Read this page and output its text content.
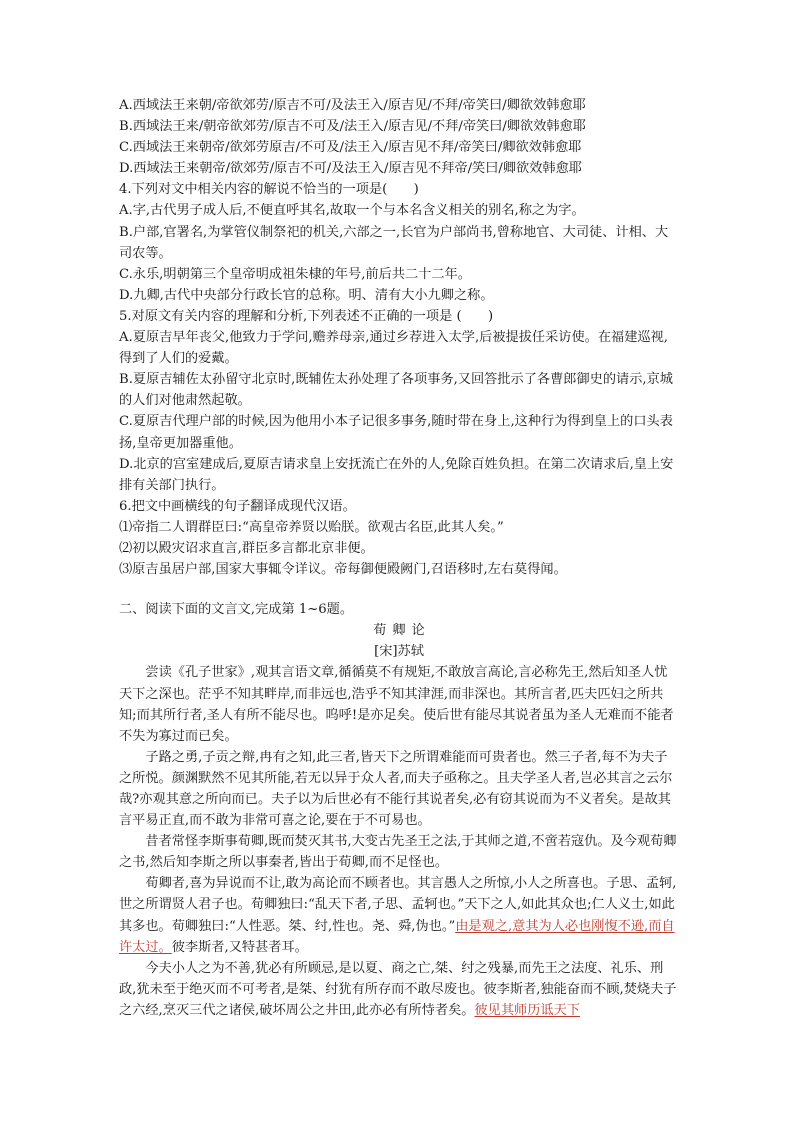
A.西域法王来朝/帝欲郊劳/原吉不可/及法王入/原吉见/不拜/帝笑曰/卿欲效韩愈耶
B.西域法王来/朝帝欲郊劳/原吉不可及/法王入/原吉见/不拜/帝笑曰/卿欲效韩愈耶
C.西域法王来朝帝/欲郊劳原吉/不可及/法王入/原吉见不拜/帝笑曰/卿欲效韩愈耶
D.西域法王来朝帝/欲郊劳/原吉不可/及法王入/原吉见不拜帝/笑曰/卿欲效韩愈耶
4.下列对文中相关内容的解说不恰当的一项是(　　)
A.字,古代男子成人后,不便直呼其名,故取一个与本名含义相关的别名,称之为字。
B.户部,官署名,为掌管仪制祭祀的机关,六部之一,长官为户部尚书,曾称地官、大司徒、计相、大司农等。
C.永乐,明朝第三个皇帝明成祖朱棣的年号,前后共二十二年。
D.九卿,古代中央部分行政长官的总称。明、清有大小九卿之称。
5.对原文有关内容的理解和分析,下列表述不正确的一项是 (　　)
A.夏原吉早年丧父,他致力于学问,赡养母亲,通过乡荐进入太学,后被提拔任采访使。在福建巡视,得到了人们的爱戴。
B.夏原吉辅佐太孙留守北京时,既辅佐太孙处理了各项事务,又回答批示了各曹郎御史的请示,京城的人们对他肃然起敬。
C.夏原吉代理户部的时候,因为他用小本子记很多事务,随时带在身上,这种行为得到皇上的口头表扬,皇帝更加器重他。
D.北京的宫室建成后,夏原吉请求皇上安抚流亡在外的人,免除百姓负担。在第二次请求后,皇上安排有关部门执行。
6.把文中画横线的句子翻译成现代汉语。
⑴帝指二人谓群臣曰:“高皇帝养贤以贻朕。欲观古名臣,此其人矣。”
⑵初以殿灾诏求直言,群臣多言都北京非便。
⑶原吉虽居户部,国家大事辄令详议。帝每御便殿阙门,召语移时,左右莫得闻。
二、阅读下面的文言文,完成第 1~6题。
荀卿论
[宋]苏轼
尝读《孔子世家》,观其言语文章,循循莫不有规矩,不敢放言高论,言必称先王,然后知圣人忧天下之深也。茫乎不知其畔岸,而非远也,浩乎不知其津涯,而非深也。其所言者,匹夫匹妇之所共知;而其所行者,圣人有所不能尽也。呜呼!是亦足矣。使后世有能尽其说者虽为圣人无难而不能者不失为寡过而已矣。
子路之勇,子贡之辩,冉有之知,此三者,皆天下之所谓难能而可贵者也。然三子者,每不为夫子之所悦。颜渊默然不见其所能,若无以异于众人者,而夫子亟称之。且夫学圣人者,岂必其言之云尔哉?亦观其意之所向而已。夫子以为后世必有不能行其说者矣,必有窃其说而为不义者矣。是故其言平易正直,而不敢为非常可喜之论,要在于不可易也。
昔者常怪李斯事荀卿,既而焚灭其书,大变古先圣王之法,于其师之道,不啻若寇仇。及今观荀卿之书,然后知李斯之所以事秦者,皆出于荀卿,而不足怪也。
荀卿者,喜为异说而不让,敢为高论而不顾者也。其言愚人之所惊,小人之所喜也。子思、孟轲,世之所谓贤人君子也。荀卿独曰:“乱天下者,子思、孟轲也。”天下之人,如此其众也;仁人义士,如此其多也。荀卿独曰:“人性恶。桀、纣,性也。尧、舜,伪也。”由是观之,意其为人必也刚愎不逊,而自许太过。彼李斯者,又特甚者耳。
今夫小人之为不善,犹必有所顾忌,是以夏、商之亡,桀、纣之残暴,而先王之法度、礼乐、刑政,犹未至于绝灭而不可考者,是桀、纣犹有所存而不敢尽废也。彼李斯者,独能奋而不顾,焚烧夫子之六经,烹灭三代之诸侯,破坏周公之井田,此亦必有所恃者矣。彼见其师历诋天下
